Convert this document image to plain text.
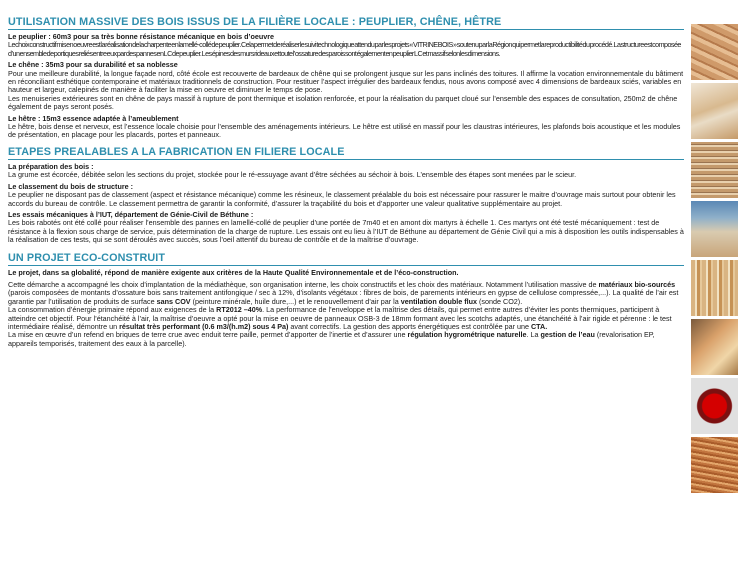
UTILISATION MASSIVE DES BOIS ISSUS DE LA FILIÈRE LOCALE : PEUPLIER, CHÊNE, HÊTRE
Le peuplier : 60m3 pour sa très bonne résistance mécanique en bois d’oeuvre

Le choix constructif mis en oeuvre est la réalisation de la charpente en lamellé-collé de peuplier. Cela permet de réaliser le suivi technologique attendu par les projets « VITRINE BOIS » soutenu par la Région qui permet la reproductibilité du procédé. La structure est composée d’un ensemble de portiques reliés entre eux par des pannes en LC de peuplier. Les épines des murs rideaux et toute l’ossature des parois sont également en peuplier LC et massif selon les dimensions.

Le chêne : 35m3 pour sa durabilité et sa noblesse

Pour une meilleure durabilité, la longue façade nord, côté école est recouverte de bardeaux de chêne qui se prolongent jusque sur les pans inclinés des toitures. Il affirme la vocation environnementale du bâtiment en réconciliant esthétique contemporaine et matériaux traditionnels de construction. Pour restituer l’aspect irrégulier des bardeaux fendus, nous avons composé avec 4 dimensions de bardeaux sciés, variables en hauteur et largeur, calepinés de manière à faciliter la mise en oeuvre et diminuer le temps de pose.

Les menuiseries extérieures sont en chêne de pays massif à rupture de pont thermique et isolation renforcée, et pour la réalisation du parquet cloué sur l’ensemble des espaces de consultation, 250m2 de chêne également de pays seront posés.

Le hêtre : 15m3 essence adaptée à l’ameublement

Le hêtre, bois dense et nerveux, est l’essence locale choisie pour l’ensemble des aménagements intérieurs. Le hêtre est utilisé en massif pour les claustras intérieures, les plafonds bois acoustique et les modules de présentation, en placage pour les placards, portes et panneaux.

ETAPES PREALABLES A LA FABRICATION EN FILIERE LOCALE
La préparation des bois :

La grume est écorcée, débitée selon les sections du projet, stockée pour le ré-essuyage avant d’être séchées au séchoir à bois. L’ensemble des étapes sont menées par le scieur.

Le classement du bois de structure :

Le peuplier ne disposant pas de classement (aspect et résistance mécanique) comme les résineux, le classement préalable du bois est nécessaire pour rassurer le maitre d’ouvrage mais surtout pour obtenir les accords du bureau de contrôle. Le classement permettra de garantir la conformité, d’assurer la traçabilité du bois et d’apporter une valeur qualitative supplémentaire au projet.

Les essais mécaniques à l’IUT, département de Génie-Civil de Béthune :

Les bois rabotés ont été collé pour réaliser l’ensemble des pannes en lamellé-collé de peuplier d’une portée de 7m40 et en amont dix martyrs à échelle 1. Ces martyrs ont été testé mécaniquement : test de résistance à la flexion sous charge de service, puis détermination de la charge de rupture. Les essais ont eu lieu à l’IUT de Béthune au département de Génie Civil qui a mis à disposition les outils indispensables à la réalisation de ces tests, qui se sont déroulés avec succès, sous l’oeil attentif du bureau de contrôle et de la maîtrise d’ouvrage.

UN PROJET ECO-CONSTRUIT
Le projet, dans sa globalité, répond de manière exigente aux critères de la Haute Qualité Environnementale et de l’éco-construction.

Cette démarche a accompagné les choix d’implantation de la médiathèque, son organisation interne, les choix constructifs et les choix des matériaux. Notamment l’utilisation massive de matériaux bio-sourcés (parois composées de montants d’ossature bois sans traitement antifongique / sec à 12%, d’isolants végétaux : fibres de bois, de parements intérieurs en gypse de cellulose compressée,...). La qualité de l’air est garantie par l’utilisation de produits de surface sans COV (peinture minérale, huile dure,...) et le renouvellement d’air par la ventilation double flux (sonde CO2).

La consommation d’énergie primaire répond aux exigences de la RT2012 –40%. La performance de l’enveloppe et la maîtrise des détails, qui permet entre autres d’éviter les ponts thermiques, participent à atteindre cet objectif. Pour l’étanchéité à l’air, la maîtrise d’oeuvre a opté pour la mise en oeuvre de panneaux OSB-3 de 18mm formant avec les scotchs adaptés, une étanchéité à l’air rigide et pérenne : le test intermédiaire réalisé, démontre un résultat très performant (0.6 m3/(h.m2) sous 4 Pa) avant correctifs. La gestion des apports énergétiques est contrôlée par une CTA.

La mise en œuvre d’un refend en briques de terre crue avec enduit terre paille, permet d’apporter de l’inertie et d’assurer une régulation hygrométrique naturelle. La gestion de l’eau (revalorisation EP, appareils temporisés, traitement des eaux à la parcelle).
